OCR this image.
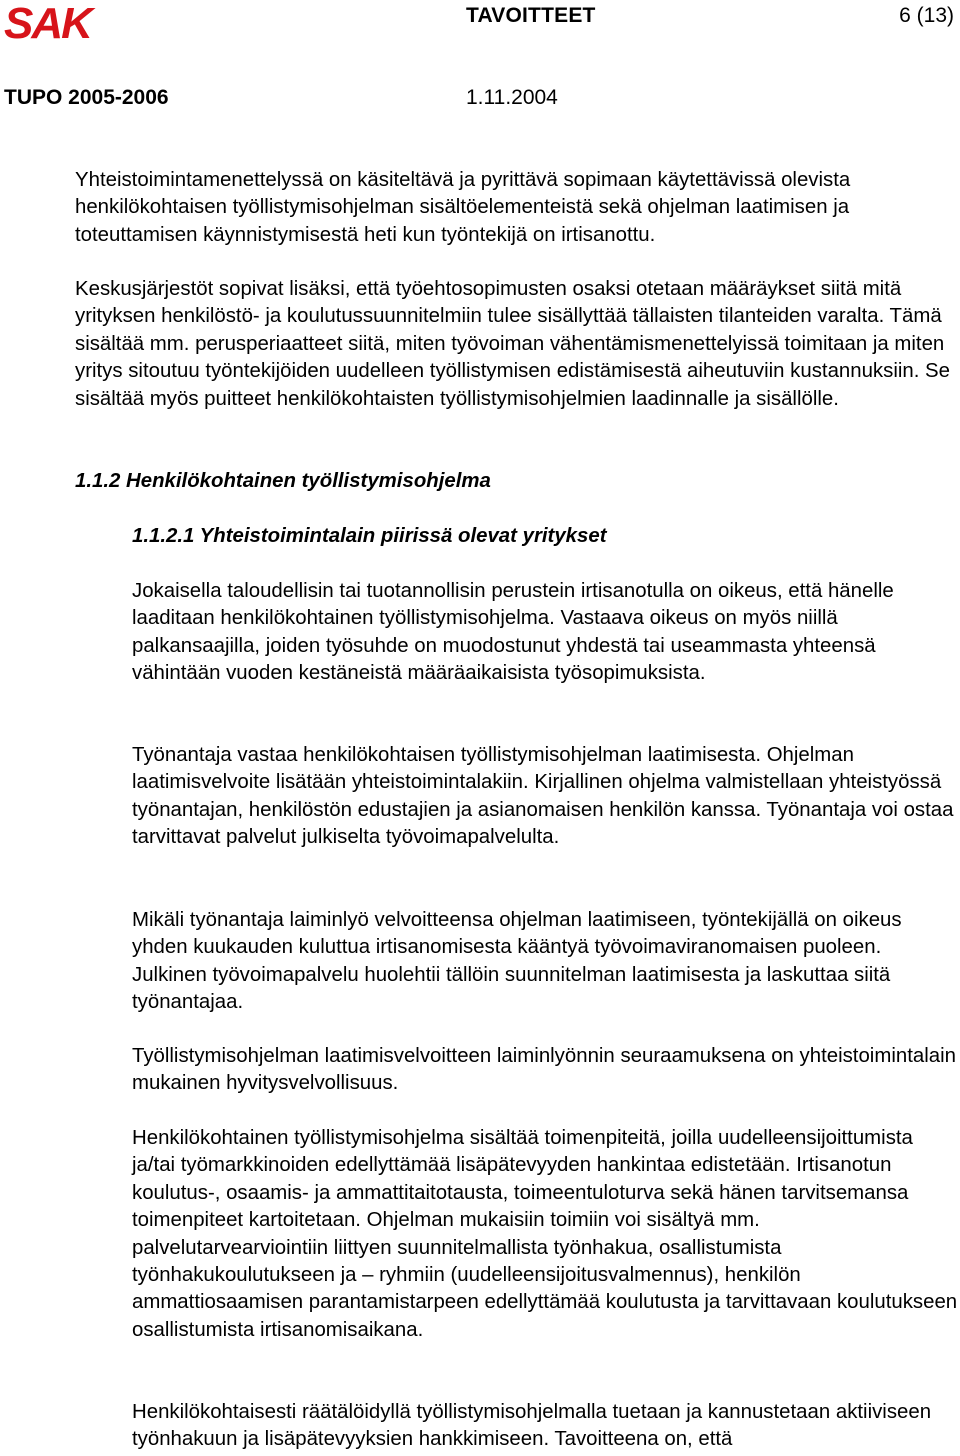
SAK	TAVOITTEET	6 (13)
TUPO 2005-2006	1.11.2004

Yhteistoimintamenettelyssä on käsiteltävä ja pyrittävä sopimaan käytettävissä olevista henkilökohtaisen työllistymisohjelman sisältöelementeistä sekä ohjelman laatimisen ja toteuttamisen käynnistymisestä heti kun työntekijä on irtisanottu.

Keskusjärjestöt sopivat lisäksi, että työehtosopimusten osaksi otetaan määräykset siitä mitä yrityksen henkilöstö- ja koulutussuunnitelmiin tulee sisällyttää tällaisten tilanteiden varalta. Tämä sisältää mm. perusperiaatteet siitä, miten työvoiman vähentämismenettelyissä toimitaan ja miten yritys sitoutuu työntekijöiden uudelleen työllistymisen edistämisestä aiheutuviin kustannuksiin. Se sisältää myös puitteet henkilökohtaisten työllistymisohjelmien laadinnalle ja sisällölle.

1.1.2 Henkilökohtainen työllistymisohjelma
1.1.2.1 Yhteistoimintalain piirissä olevat yritykset

Jokaisella taloudellisin tai tuotannollisin perustein irtisanotulla on oikeus, että hänelle laaditaan henkilökohtainen työllistymisohjelma. Vastaava oikeus on myös niillä palkansaajilla, joiden työsuhde on muodostunut yhdestä tai useammasta yhteensä vähintään vuoden kestäneistä määräaikaisista työsopimuksista.

Työnantaja vastaa henkilökohtaisen työllistymisohjelman laatimisesta. Ohjelman laatimisvelvoite lisätään yhteistoimintalakiin. Kirjallinen ohjelma valmistellaan yhteistyössä työnantajan, henkilöstön edustajien ja asianomaisen henkilön kanssa. Työnantaja voi ostaa tarvittavat palvelut julkiselta työvoimapalvelulta.

Mikäli työnantaja laiminlyö velvoitteensa ohjelman laatimiseen, työntekijällä on oikeus yhden kuukauden kuluttua irtisanomisesta kääntyä työvoimaviranomaisen puoleen. Julkinen työvoimapalvelu huolehtii tällöin suunnitelman laatimisesta ja laskuttaa siitä työnantajaa.

Työllistymisohjelman laatimisvelvoitteen laiminlyönnin seuraamuksena on yhteistoimintalain mukainen hyvitysvelvollisuus.

Henkilökohtainen työllistymisohjelma sisältää toimenpiteitä, joilla uudelleensijoittumista ja/tai työmarkkinoiden edellyttämää lisäpätevyyden hankintaa edistetään. Irtisanotun koulutus-, osaamis- ja ammattitaitotausta, toimeentuloturva sekä hänen tarvitsemansa toimenpiteet kartoitetaan. Ohjelman mukaisiin toimiin voi sisältyä mm. palvelutarvearviointiin liittyen suunnitelmallista työnhakua, osallistumista työnhakukoulutukseen ja – ryhmiin (uudelleensijoitusvalmennus), henkilön ammattiosaamisen parantamistarpeen edellyttämää koulutusta ja tarvittavaan koulutukseen osallistumista irtisanomisaikana.

Henkilökohtaisesti räätälöidyllä työllistymisohjelmalla tuetaan ja kannustetaan aktiiviseen työnhakuun ja lisäpätevyyksien hankkimiseen. Tavoitteena on, että
